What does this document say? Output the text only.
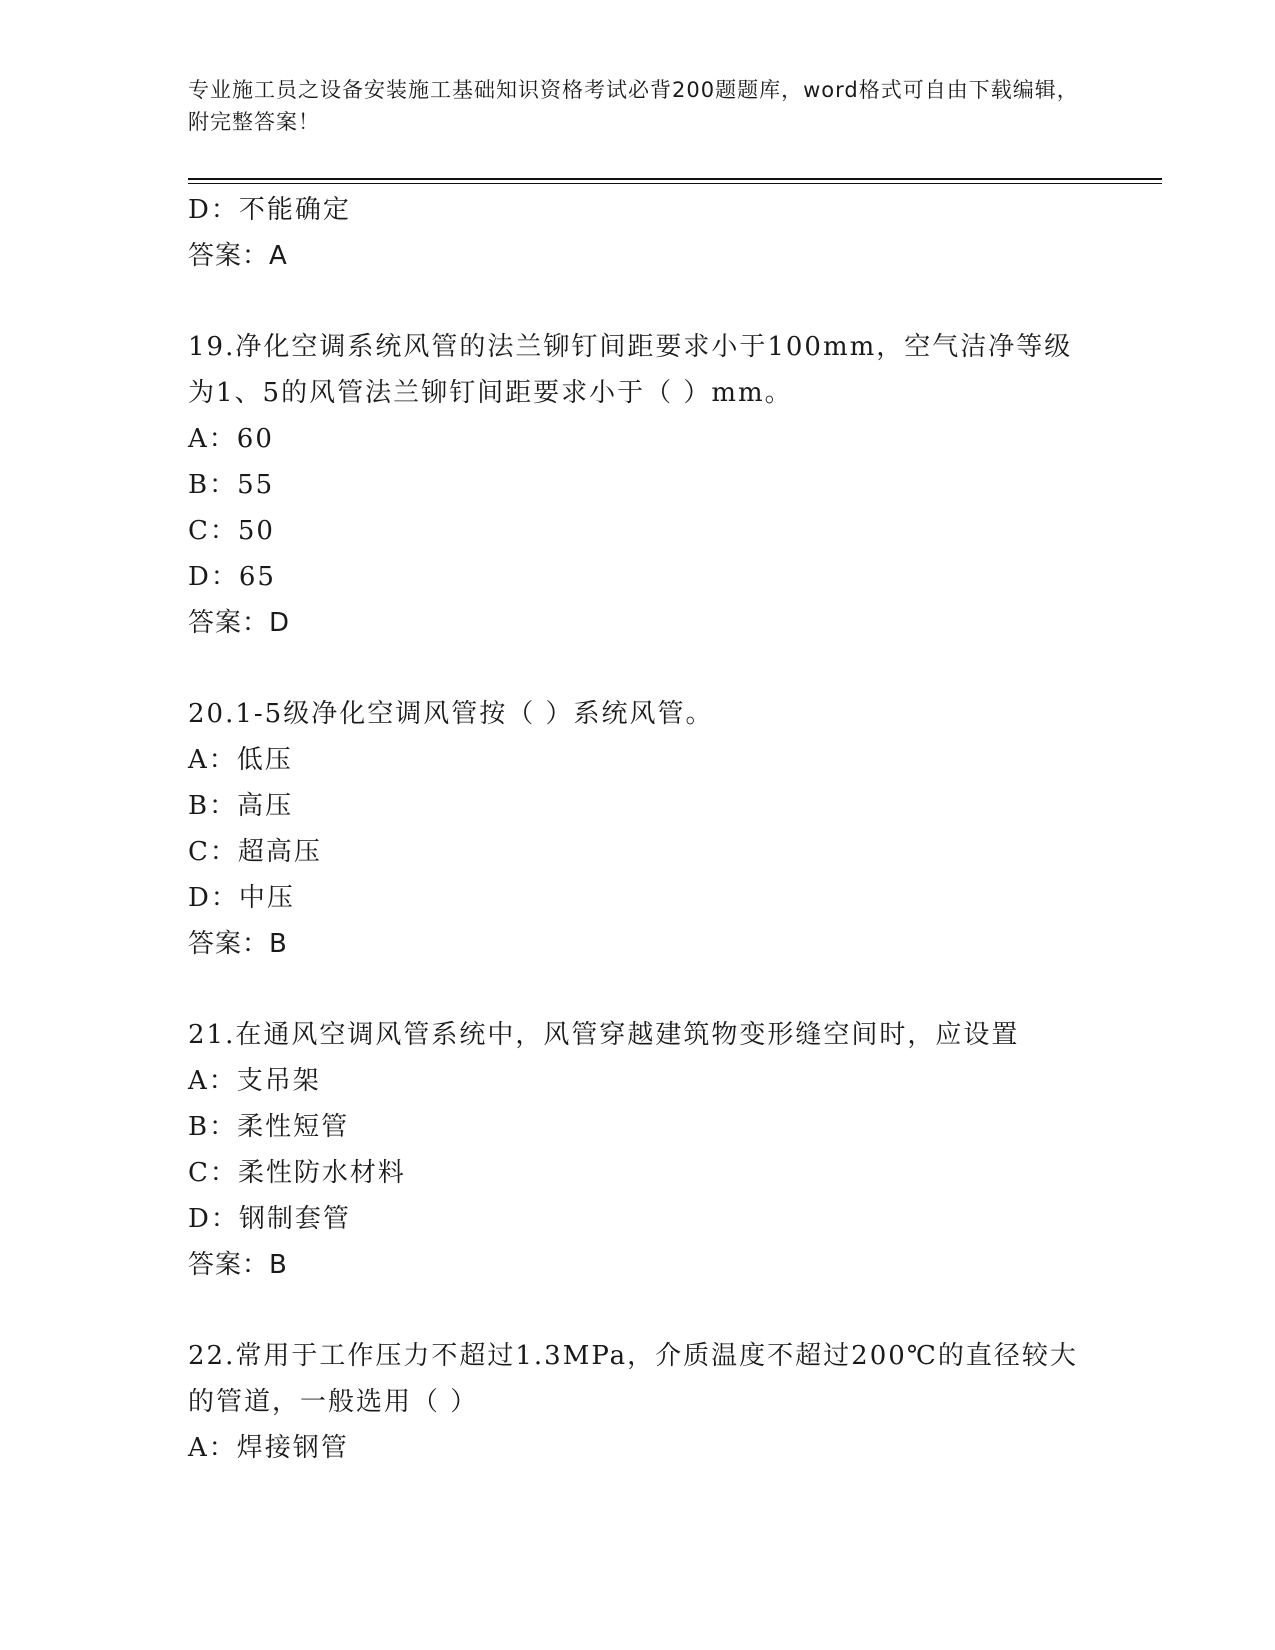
专业施工员之设备安装施工基础知识资格考试必背200题题库，word格式可自由下载编辑，附完整答案！
D：不能确定
答案：A
19.净化空调系统风管的法兰铆钉间距要求小于100mm，空气洁净等级为1、5的风管法兰铆钉间距要求小于（ ）mm。
A：60
B：55
C：50
D：65
答案：D
20.1-5级净化空调风管按（ ）系统风管。
A：低压
B：高压
C：超高压
D：中压
答案：B
21.在通风空调风管系统中，风管穿越建筑物变形缝空间时，应设置
A：支吊架
B：柔性短管
C：柔性防水材料
D：钢制套管
答案：B
22.常用于工作压力不超过1.3MPa，介质温度不超过200℃的直径较大的管道，一般选用（ ）
A：焊接钢管
